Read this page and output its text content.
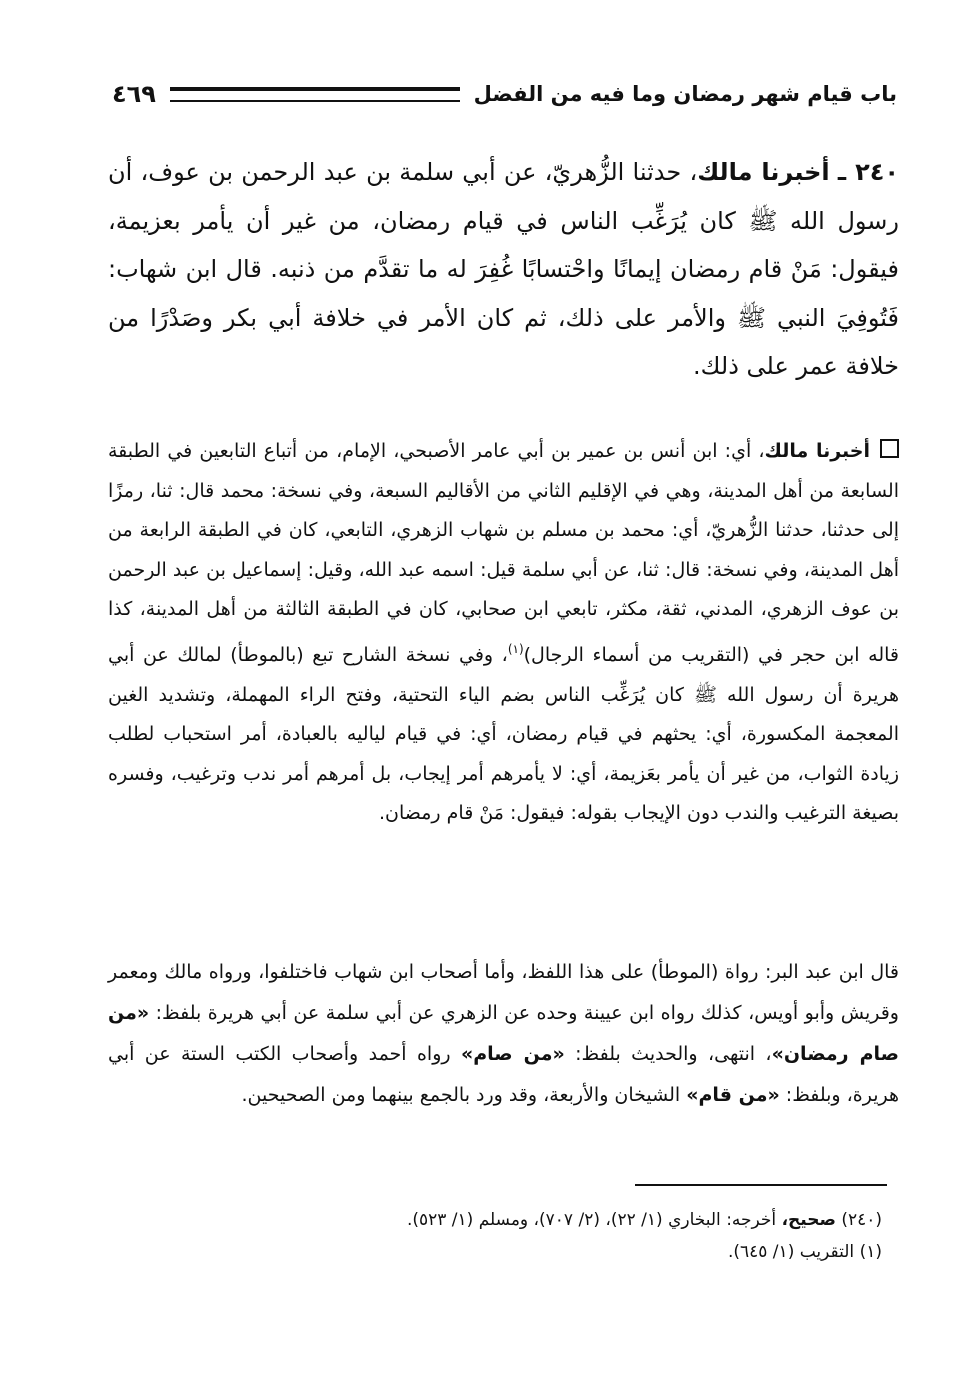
باب قيام شهر رمضان وما فيه من الفضل
٤٦٩
٢٤٠ ـ أخبرنا مالك، حدثنا الزُّهريّ، عن أبي سلمة بن عبد الرحمن بن عوف، أن رسول الله ﷺ كان يُرَغِّب الناس في قيام رمضان، من غير أن يأمر بعزيمة، فيقول: مَنْ قام رمضان إيمانًا واحْتسابًا غُفِرَ له ما تقدَّم من ذنبه. قال ابن شهاب: فَتُوفِيَ النبي ﷺ والأمر على ذلك، ثم كان الأمر في خلافة أبي بكر وصَدْرًا من خلافة عمر على ذلك.
أخبرنا مالك، أي: ابن أنس بن عمير بن أبي عامر الأصبحي، الإمام، من أتباع التابعين في الطبقة السابعة من أهل المدينة، وهي في الإقليم الثاني من الأقاليم السبعة، وفي نسخة: محمد قال: ثنا، رمزًا إلى حدثنا، حدثنا الزُّهريّ، أي: محمد بن مسلم بن شهاب الزهري، التابعي، كان في الطبقة الرابعة من أهل المدينة، وفي نسخة: قال: ثنا، عن أبي سلمة قيل: اسمه عبد الله، وقيل: إسماعيل بن عبد الرحمن بن عوف الزهري، المدني، ثقة، مكثر، تابعي ابن صحابي، كان في الطبقة الثالثة من أهل المدينة، كذا قاله ابن حجر في (التقريب من أسماء الرجال)$^{(١)}$، وفي نسخة الشارح تبع (بالموطأ) لمالك عن أبي هريرة أن رسول الله ﷺ كان يُرَغِّب الناس بضم الياء التحتية، وفتح الراء المهملة، وتشديد الغين المعجمة المكسورة، أي: يحثهم في قيام رمضان، أي: في قيام لياليه بالعبادة، أمر استحباب لطلب زيادة الثواب، من غير أن يأمر بعَزيمة، أي: لا يأمرهم أمر إيجاب، بل أمرهم أمر ندب وترغيب، وفسره بصيغة الترغيب والندب دون الإيجاب بقوله: فيقول: مَنْ قام رمضان.
قال ابن عبد البر: رواة (الموطأ) على هذا اللفظ، وأما أصحاب ابن شهاب فاختلفوا، ورواه مالك ومعمر وقريش وأبو أويس، كذلك رواه ابن عيينة وحده عن الزهري عن أبي سلمة عن أبي هريرة بلفظ: «من صام رمضان»، انتهى، والحديث بلفظ: «من صام» رواه أحمد وأصحاب الكتب الستة عن أبي هريرة، وبلفظ: «من قام» الشيخان والأربعة، وقد ورد بالجمع بينهما ومن الصحيحين.
(٢٤٠) صحيح، أخرجه: البخاري (١/ ٢٢)، (٢/ ٧٠٧)، ومسلم (١/ ٥٢٣).
(١) التقريب (١/ ٦٤٥).
